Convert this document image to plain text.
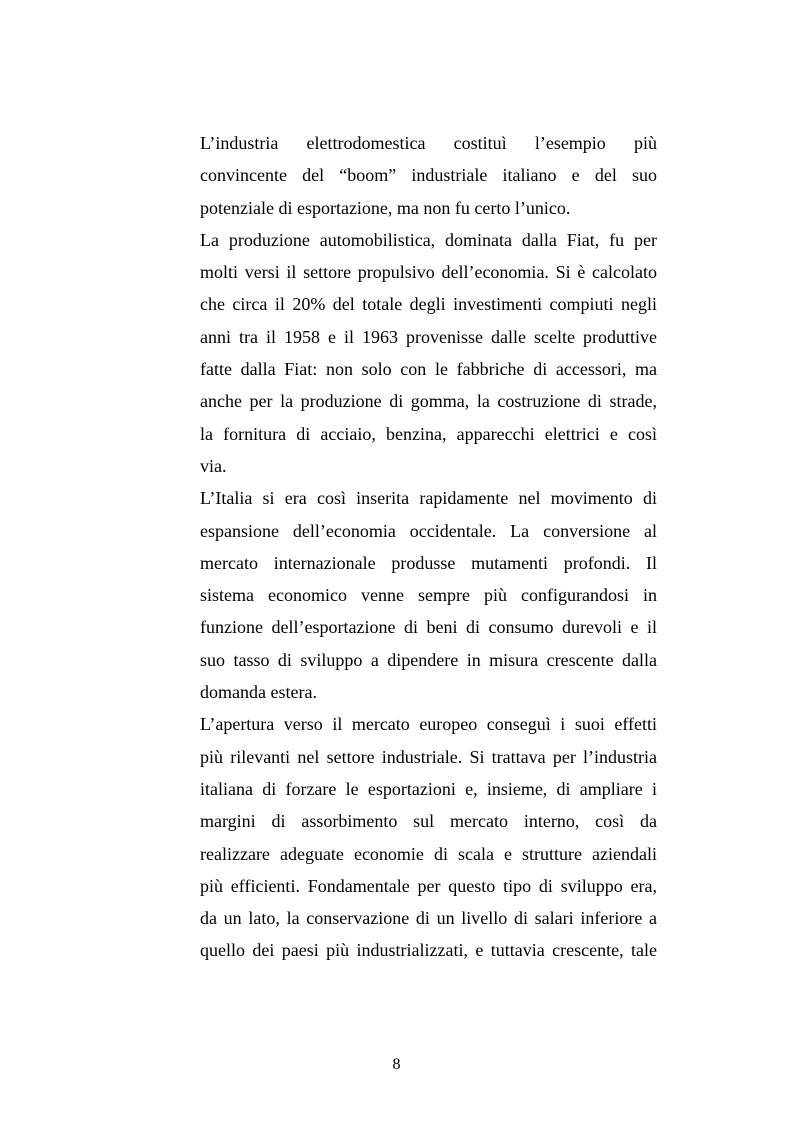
L’industria elettrodomestica costituì l’esempio più
convincente del “boom” industriale italiano e del suo
potenziale di esportazione, ma non fu certo l’unico.
La produzione automobilistica, dominata dalla Fiat, fu per
molti versi il settore propulsivo dell’economia. Si è calcolato
che circa il 20% del totale degli investimenti compiuti negli
anni tra il 1958 e il 1963 provenisse dalle scelte produttive
fatte dalla Fiat: non solo con le fabbriche di accessori, ma
anche per la produzione di gomma, la costruzione di strade,
la fornitura di acciaio, benzina, apparecchi elettrici e così
via.
L’Italia si era così inserita rapidamente nel movimento di
espansione dell’economia occidentale. La conversione al
mercato internazionale produsse mutamenti profondi. Il
sistema economico venne sempre più configurandosi in
funzione dell’esportazione di beni di consumo durevoli e il
suo tasso di sviluppo a dipendere in misura crescente dalla
domanda estera.
L’apertura verso il mercato europeo conseguì i suoi effetti
più rilevanti nel settore industriale. Si trattava per l’industria
italiana di forzare le esportazioni e, insieme, di ampliare i
margini di assorbimento sul mercato interno, così da
realizzare adeguate economie di scala e strutture aziendali
più efficienti. Fondamentale per questo tipo di sviluppo era,
da un lato, la conservazione di un livello di salari inferiore a
quello dei paesi più industrializzati, e tuttavia crescente, tale
8
